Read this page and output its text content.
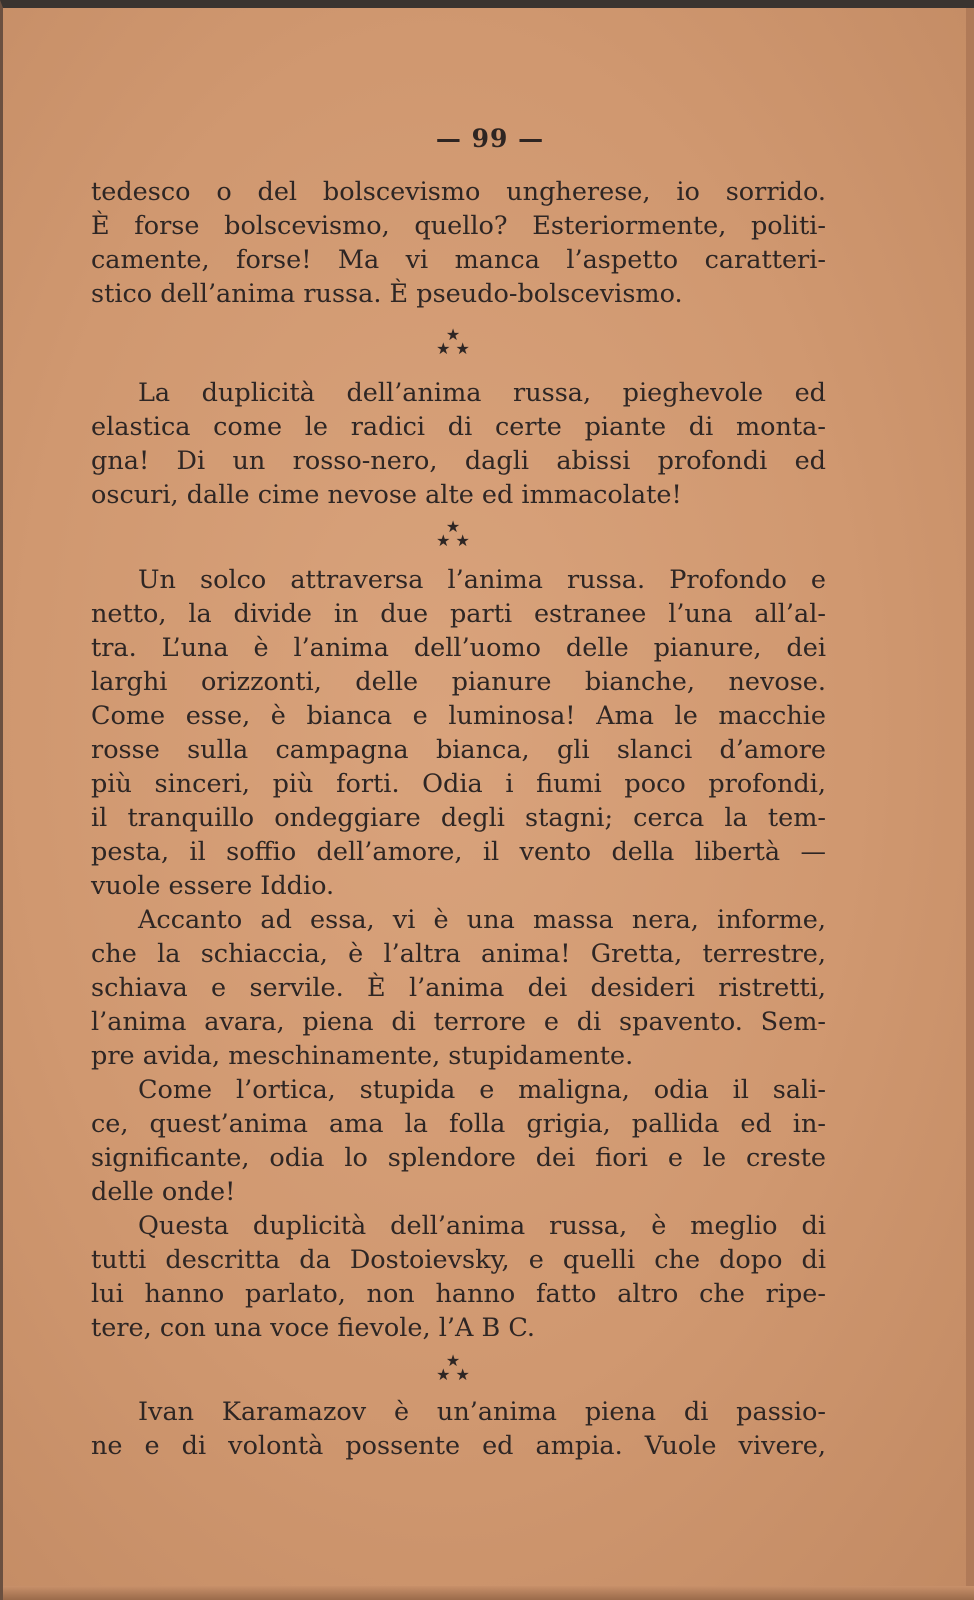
— 99 —
tedesco o del bolscevismo ungherese, io sorrido.
È forse bolscevismo, quello? Esteriormente, politi-
camente, forse! Ma vi manca l’aspetto caratteri-
stico dell’anima russa. È pseudo-bolscevismo.
★
★ ★
La duplicità dell’anima russa, pieghevole ed
elastica come le radici di certe piante di monta-
gna! Di un rosso-nero, dagli abissi profondi ed
oscuri, dalle cime nevose alte ed immacolate!
★
★ ★
Un solco attraversa l’anima russa. Profondo e
netto, la divide in due parti estranee l’una all’al-
tra. L’una è l’anima dell’uomo delle pianure, dei
larghi orizzonti, delle pianure bianche, nevose.
Come esse, è bianca e luminosa! Ama le macchie
rosse sulla campagna bianca, gli slanci d’amore
più sinceri, più forti. Odia i fiumi poco profondi,
il tranquillo ondeggiare degli stagni; cerca la tem-
pesta, il soffio dell’amore, il vento della libertà —
vuole essere Iddio.
Accanto ad essa, vi è una massa nera, informe,
che la schiaccia, è l’altra anima! Gretta, terrestre,
schiava e servile. È l’anima dei desideri ristretti,
l’anima avara, piena di terrore e di spavento. Sem-
pre avida, meschinamente, stupidamente.
Come l’ortica, stupida e maligna, odia il sali-
ce, quest’anima ama la folla grigia, pallida ed in-
significante, odia lo splendore dei fiori e le creste
delle onde!
Questa duplicità dell’anima russa, è meglio di
tutti descritta da Dostoievsky, e quelli che dopo di
lui hanno parlato, non hanno fatto altro che ripe-
tere, con una voce fievole, l’A B C.
★
★ ★
Ivan Karamazov è un’anima piena di passio-
ne e di volontà possente ed ampia. Vuole vivere,
